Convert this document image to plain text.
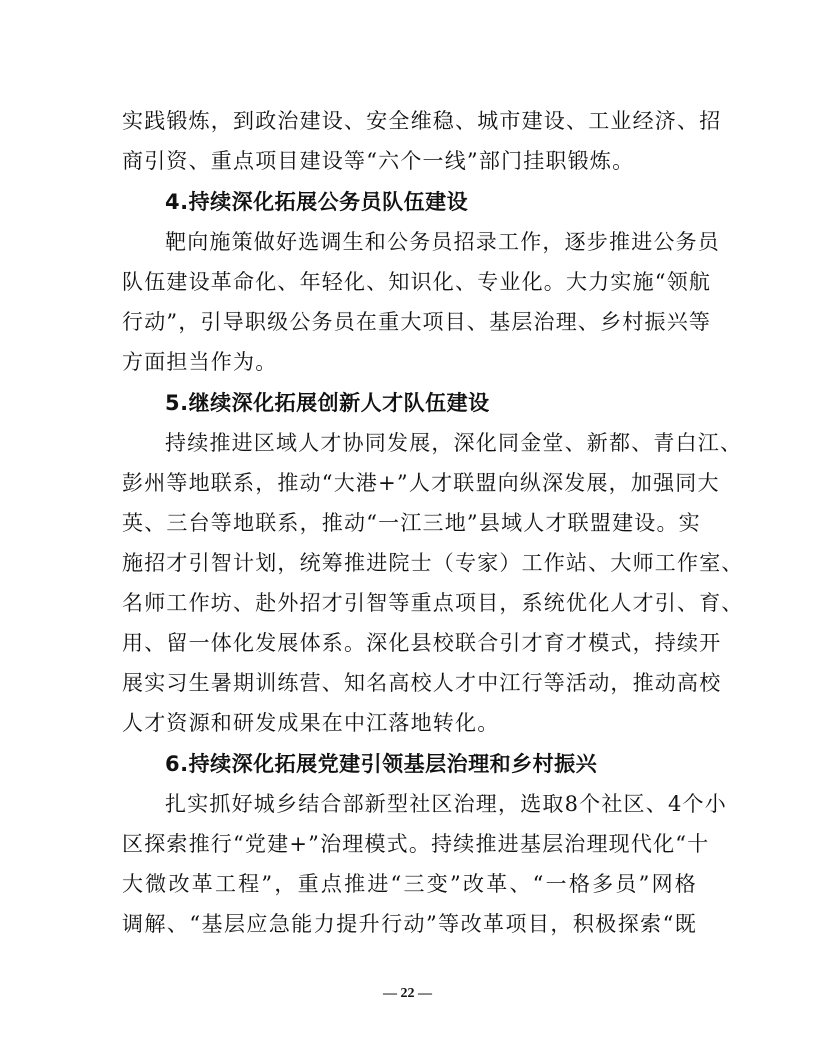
实践锻炼，到政治建设、安全维稳、城市建设、工业经济、招
商引资、重点项目建设等“六个一线”部门挂职锻炼。
4.持续深化拓展公务员队伍建设
靶向施策做好选调生和公务员招录工作，逐步推进公务员
队伍建设革命化、年轻化、知识化、专业化。大力实施“领航
行动”，引导职级公务员在重大项目、基层治理、乡村振兴等
方面担当作为。
5.继续深化拓展创新人才队伍建设
持续推进区域人才协同发展，深化同金堂、新都、青白江、
彭州等地联系，推动“大港+”人才联盟向纵深发展，加强同大
英、三台等地联系，推动“一江三地”县域人才联盟建设。实
施招才引智计划，统筹推进院士（专家）工作站、大师工作室、
名师工作坊、赴外招才引智等重点项目，系统优化人才引、育、
用、留一体化发展体系。深化县校联合引才育才模式，持续开
展实习生暑期训练营、知名高校人才中江行等活动，推动高校
人才资源和研发成果在中江落地转化。
6.持续深化拓展党建引领基层治理和乡村振兴
扎实抓好城乡结合部新型社区治理，选取8个社区、4个小
区探索推行“党建+”治理模式。持续推进基层治理现代化“十
大微改革工程”，重点推进“三变”改革、“一格多员”网格
调解、“基层应急能力提升行动”等改革项目，积极探索“既
— 22 —
